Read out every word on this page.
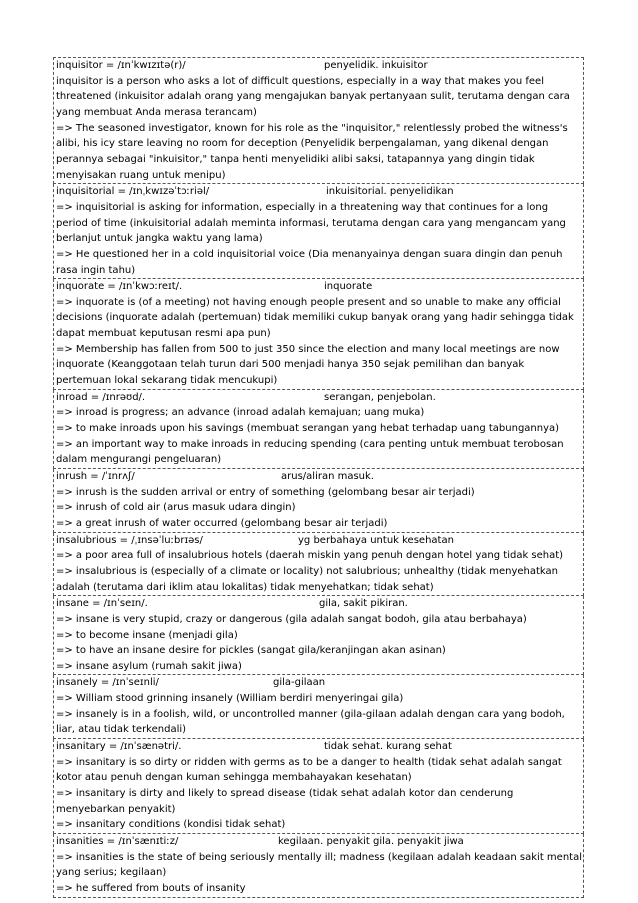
inquisitor = /ɪnˈkwɪzɪtə(r)/	penyelidik. inkuisitor
inquisitor is a person who asks a lot of difficult questions, especially in a way that makes you feel threatened (inkuisitor adalah orang yang mengajukan banyak pertanyaan sulit, terutama dengan cara yang membuat Anda merasa terancam)
=> The seasoned investigator, known for his role as the "inquisitor," relentlessly probed the witness's alibi, his icy stare leaving no room for deception (Penyelidik berpengalaman, yang dikenal dengan perannya sebagai "inkuisitor," tanpa henti menyelidiki alibi saksi, tatapannya yang dingin tidak menyisakan ruang untuk menipu)
inquisitorial = /ɪnˌkwɪzəˈtɔːriəl/	inkuisitorial. penyelidikan
=> inquisitorial is asking for information, especially in a threatening way that continues for a long period of time (inkuisitorial adalah meminta informasi, terutama dengan cara yang mengancam yang berlanjut untuk jangka waktu yang lama)
=> He questioned her in a cold inquisitorial voice (Dia menanyainya dengan suara dingin dan penuh rasa ingin tahu)
inquorate = /ɪnˈkwɔːreɪt/.	inquorate
=> inquorate is (of a meeting) not having enough people present and so unable to make any official decisions (inquorate adalah (pertemuan) tidak memiliki cukup banyak orang yang hadir sehingga tidak dapat membuat keputusan resmi apa pun)
=> Membership has fallen from 500 to just 350 since the election and many local meetings are now inquorate (Keanggotaan telah turun dari 500 menjadi hanya 350 sejak pemilihan dan banyak pertemuan lokal sekarang tidak mencukupi)
inroad = /ɪnrəʊd/.	serangan, penjebolan.
=> inroad is progress; an advance (inroad adalah kemajuan; uang muka)
=> to make inroads upon his savings (membuat serangan yang hebat terhadap uang tabungannya)
=> an important way to make inroads in reducing spending (cara penting untuk membuat terobosan dalam mengurangi pengeluaran)
inrush = /ˈɪnrʌʃ/	arus/aliran masuk.
=> inrush is the sudden arrival or entry of something (gelombang besar air terjadi)
=> inrush of cold air (arus masuk udara dingin)
=> a great inrush of water occurred (gelombang besar air terjadi)
insalubrious = /ˌɪnsəˈluːbrɪəs/	yg berbahaya untuk kesehatan
=> a poor area full of insalubrious hotels (daerah miskin yang penuh dengan hotel yang tidak sehat)
=> insalubrious is (especially of a climate or locality) not salubrious; unhealthy (tidak menyehatkan adalah (terutama dari iklim atau lokalitas) tidak menyehatkan; tidak sehat)
insane = /ɪnˈseɪn/.	gila, sakit pikiran.
=> insane is very stupid, crazy or dangerous (gila adalah sangat bodoh, gila atau berbahaya)
=> to become insane (menjadi gila)
=> to have an insane desire for pickles (sangat gila/keranjingan akan asinan)
=> insane asylum (rumah sakit jiwa)
insanely = /ɪnˈseɪnli/	gila-gilaan
=> William stood grinning insanely (William berdiri menyeringai gila)
=> insanely is in a foolish, wild, or uncontrolled manner (gila-gilaan adalah dengan cara yang bodoh, liar, atau tidak terkendali)
insanitary = /ɪnˈsænətri/.	tidak sehat. kurang sehat
=> insanitary is so dirty or ridden with germs as to be a danger to health (tidak sehat adalah sangat kotor atau penuh dengan kuman sehingga membahayakan kesehatan)
=> insanitary is dirty and likely to spread disease (tidak sehat adalah kotor dan cenderung menyebarkan penyakit)
=> insanitary conditions (kondisi tidak sehat)
insanities = /ɪnˈsænɪtiːz/	kegilaan. penyakit gila. penyakit jiwa
=> insanities is the state of being seriously mentally ill; madness (kegilaan adalah keadaan sakit mental yang serius; kegilaan)
=> he suffered from bouts of insanity
